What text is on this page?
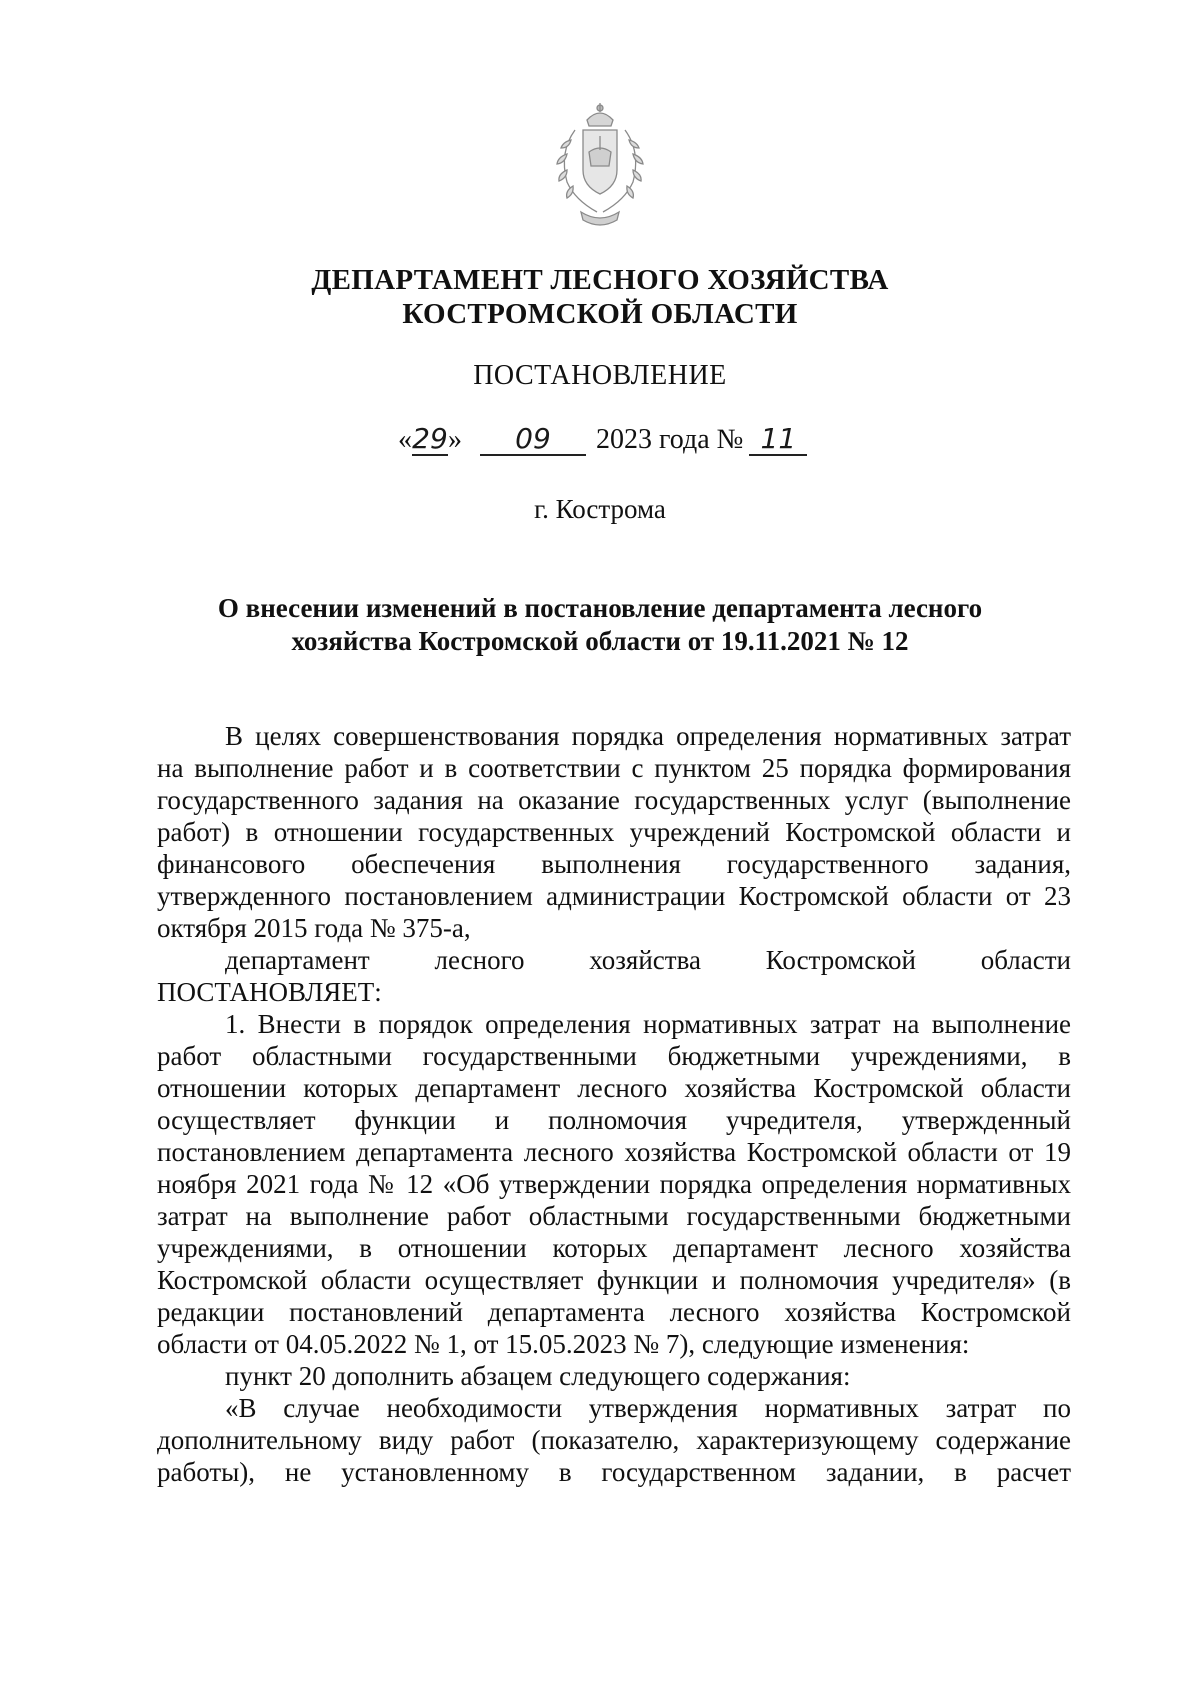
ДЕПАРТАМЕНТ ЛЕСНОГО ХОЗЯЙСТВА
КОСТРОМСКОЙ ОБЛАСТИ
ПОСТАНОВЛЕНИЕ
«29» 09 2023 года № 11
г. Кострома
О внесении изменений в постановление департамента лесного
хозяйства Костромской области от 19.11.2021 № 12

В целях совершенствования порядка определения нормативных затрат на выполнение работ и в соответствии с пунктом 25 порядка формирования государственного задания на оказание государственных услуг (выполнение работ) в отношении государственных учреждений Костромской области и финансового обеспечения выполнения государственного задания, утвержденного постановлением администрации Костромской области от 23 октября 2015 года № 375-а,

департамент лесного хозяйства Костромской области

ПОСТАНОВЛЯЕТ:

1. Внести в порядок определения нормативных затрат на выполнение работ областными государственными бюджетными учреждениями, в отношении которых департамент лесного хозяйства Костромской области осуществляет функции и полномочия учредителя, утвержденный постановлением департамента лесного хозяйства Костромской области от 19 ноября 2021 года № 12 «Об утверждении порядка определения нормативных затрат на выполнение работ областными государственными бюджетными учреждениями, в отношении которых департамент лесного хозяйства Костромской области осуществляет функции и полномочия учредителя» (в редакции постановлений департамента лесного хозяйства Костромской области от 04.05.2022 № 1, от 15.05.2023 № 7), следующие изменения:

пункт 20 дополнить абзацем следующего содержания:

«В случае необходимости утверждения нормативных затрат по дополнительному виду работ (показателю, характеризующему содержание работы), не установленному в государственном задании, в расчет
